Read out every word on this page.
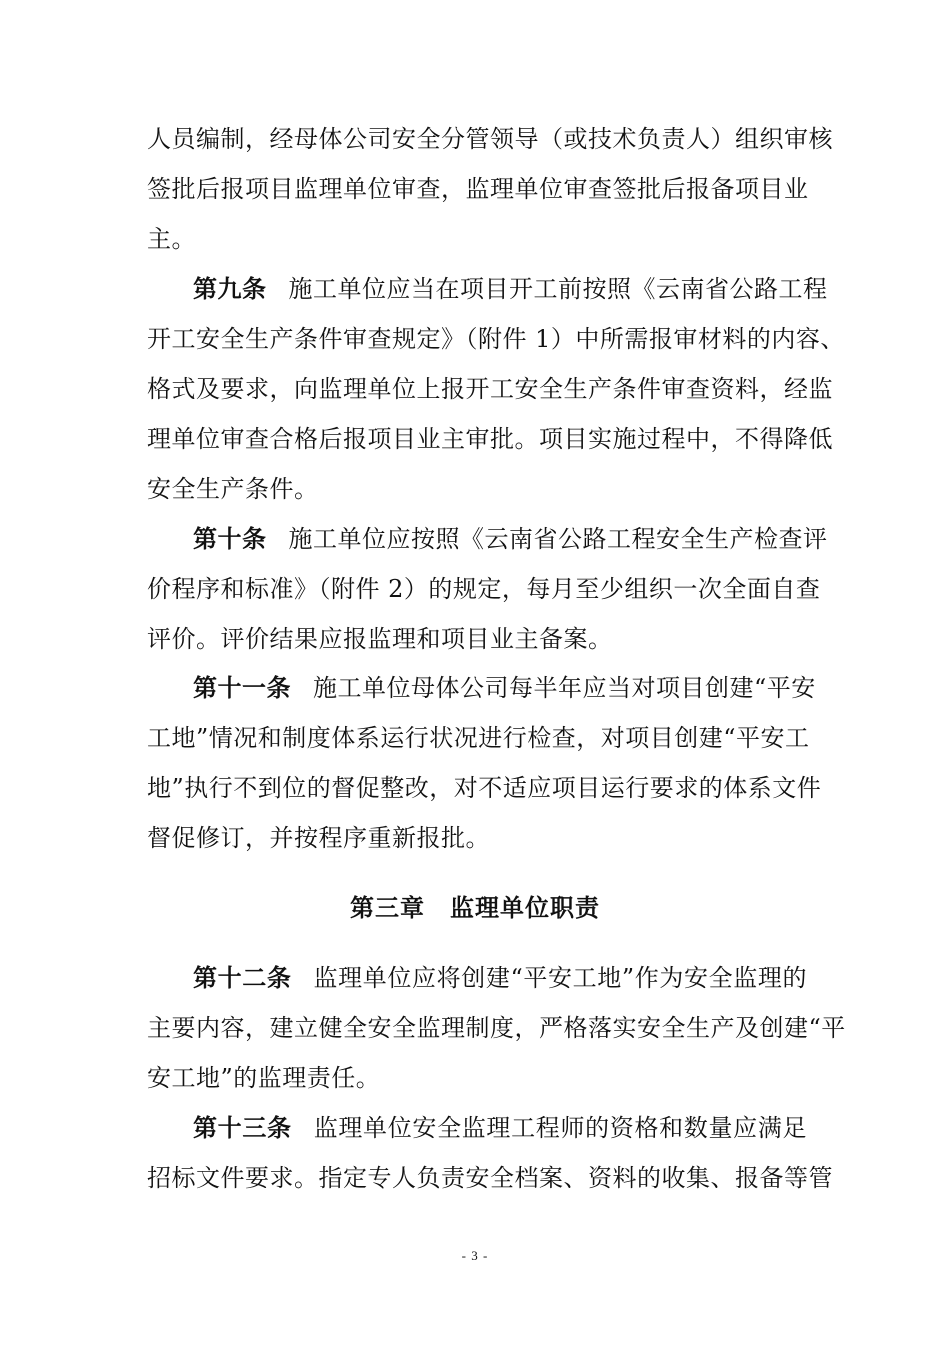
人员编制，经母体公司安全分管领导（或技术负责人）组织审核
签批后报项目监理单位审查，监理单位审查签批后报备项目业
主。
第九条 施工单位应当在项目开工前按照《云南省公路工程
开工安全生产条件审查规定》（附件 1）中所需报审材料的内容、
格式及要求，向监理单位上报开工安全生产条件审查资料，经监
理单位审查合格后报项目业主审批。项目实施过程中，不得降低
安全生产条件。
第十条 施工单位应按照《云南省公路工程安全生产检查评
价程序和标准》（附件 2）的规定，每月至少组织一次全面自查
评价。评价结果应报监理和项目业主备案。
第十一条 施工单位母体公司每半年应当对项目创建“平安
工地”情况和制度体系运行状况进行检查，对项目创建“平安工
地”执行不到位的督促整改，对不适应项目运行要求的体系文件
督促修订，并按程序重新报批。
第三章　监理单位职责
第十二条 监理单位应将创建“平安工地”作为安全监理的
主要内容，建立健全安全监理制度，严格落实安全生产及创建“平
安工地”的监理责任。
第十三条 监理单位安全监理工程师的资格和数量应满足
招标文件要求。指定专人负责安全档案、资料的收集、报备等管
- 3 -
